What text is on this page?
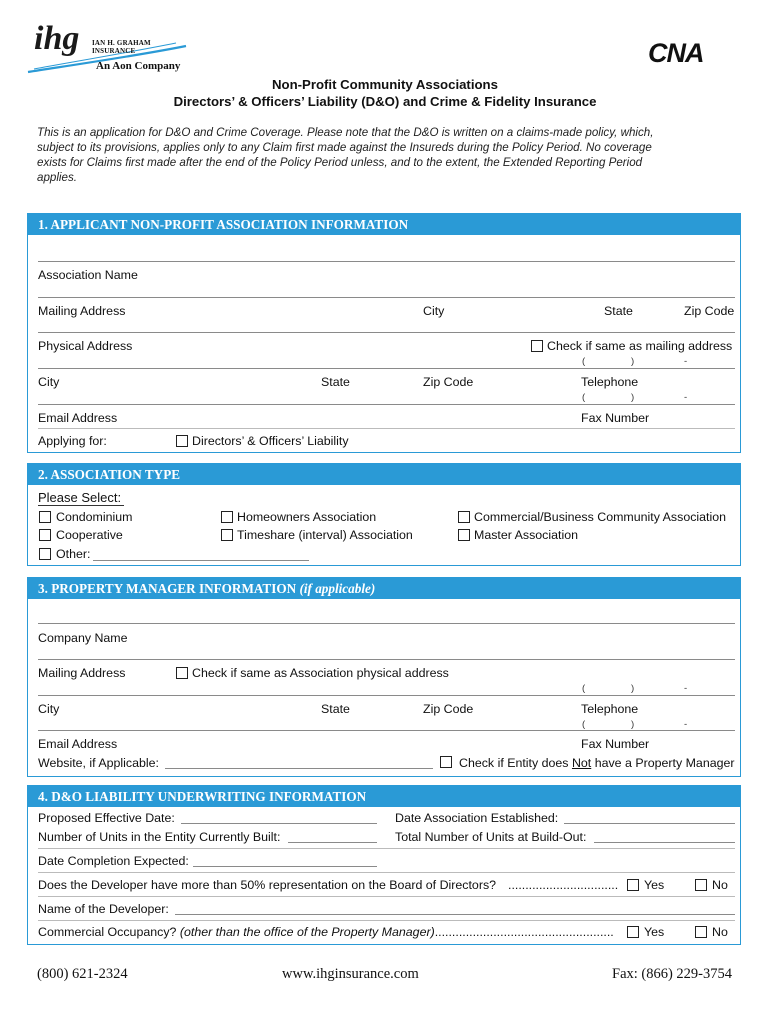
ihg IAN H. GRAHAM INSURANCE
An Aon Company	CNA
Non-Profit Community Associations
Directors’ & Officers’ Liability (D&O) and Crime & Fidelity Insurance
This is an application for D&O and Crime Coverage. Please note that the D&O is written on a claims-made policy, which,
subject to its provisions, applies only to any Claim first made against the Insureds during the Policy Period. No coverage
exists for Claims first made after the end of the Policy Period unless, and to the extent, the Extended Reporting Period
applies.
1. APPLICANT NON-PROFIT ASSOCIATION INFORMATION
Association Name
Mailing Address	City	State	Zip Code
Physical Address	Check if same as mailing address
(	)	-
City	State	Zip Code	Telephone
(	)	-
Email Address	Fax Number
Applying for:	Directors’ & Officers’ Liability
2. ASSOCIATION TYPE
Please Select:
Condominium	Homeowners Association	Commercial/Business Community Association
Cooperative	Timeshare (interval) Association	Master Association
Other:
3. PROPERTY MANAGER INFORMATION (if applicable)
Company Name
Mailing Address	Check if same as Association physical address
(	)	-
City	State	Zip Code	Telephone
(	)	-
Email Address	Fax Number
Website, if Applicable:	Check if Entity does Not have a Property Manager
4. D&O LIABILITY UNDERWRITING INFORMATION
Proposed Effective Date:	Date Association Established:
Number of Units in the Entity Currently Built:	Total Number of Units at Build-Out:
Date Completion Expected:
Does the Developer have more than 50% representation on the Board of Directors? ................................ Yes	No
Name of the Developer:
Commercial Occupancy? (other than the office of the Property Manager).................................................... Yes	No
(800) 621-2324	www.ihginsurance.com	Fax: (866) 229-3754
